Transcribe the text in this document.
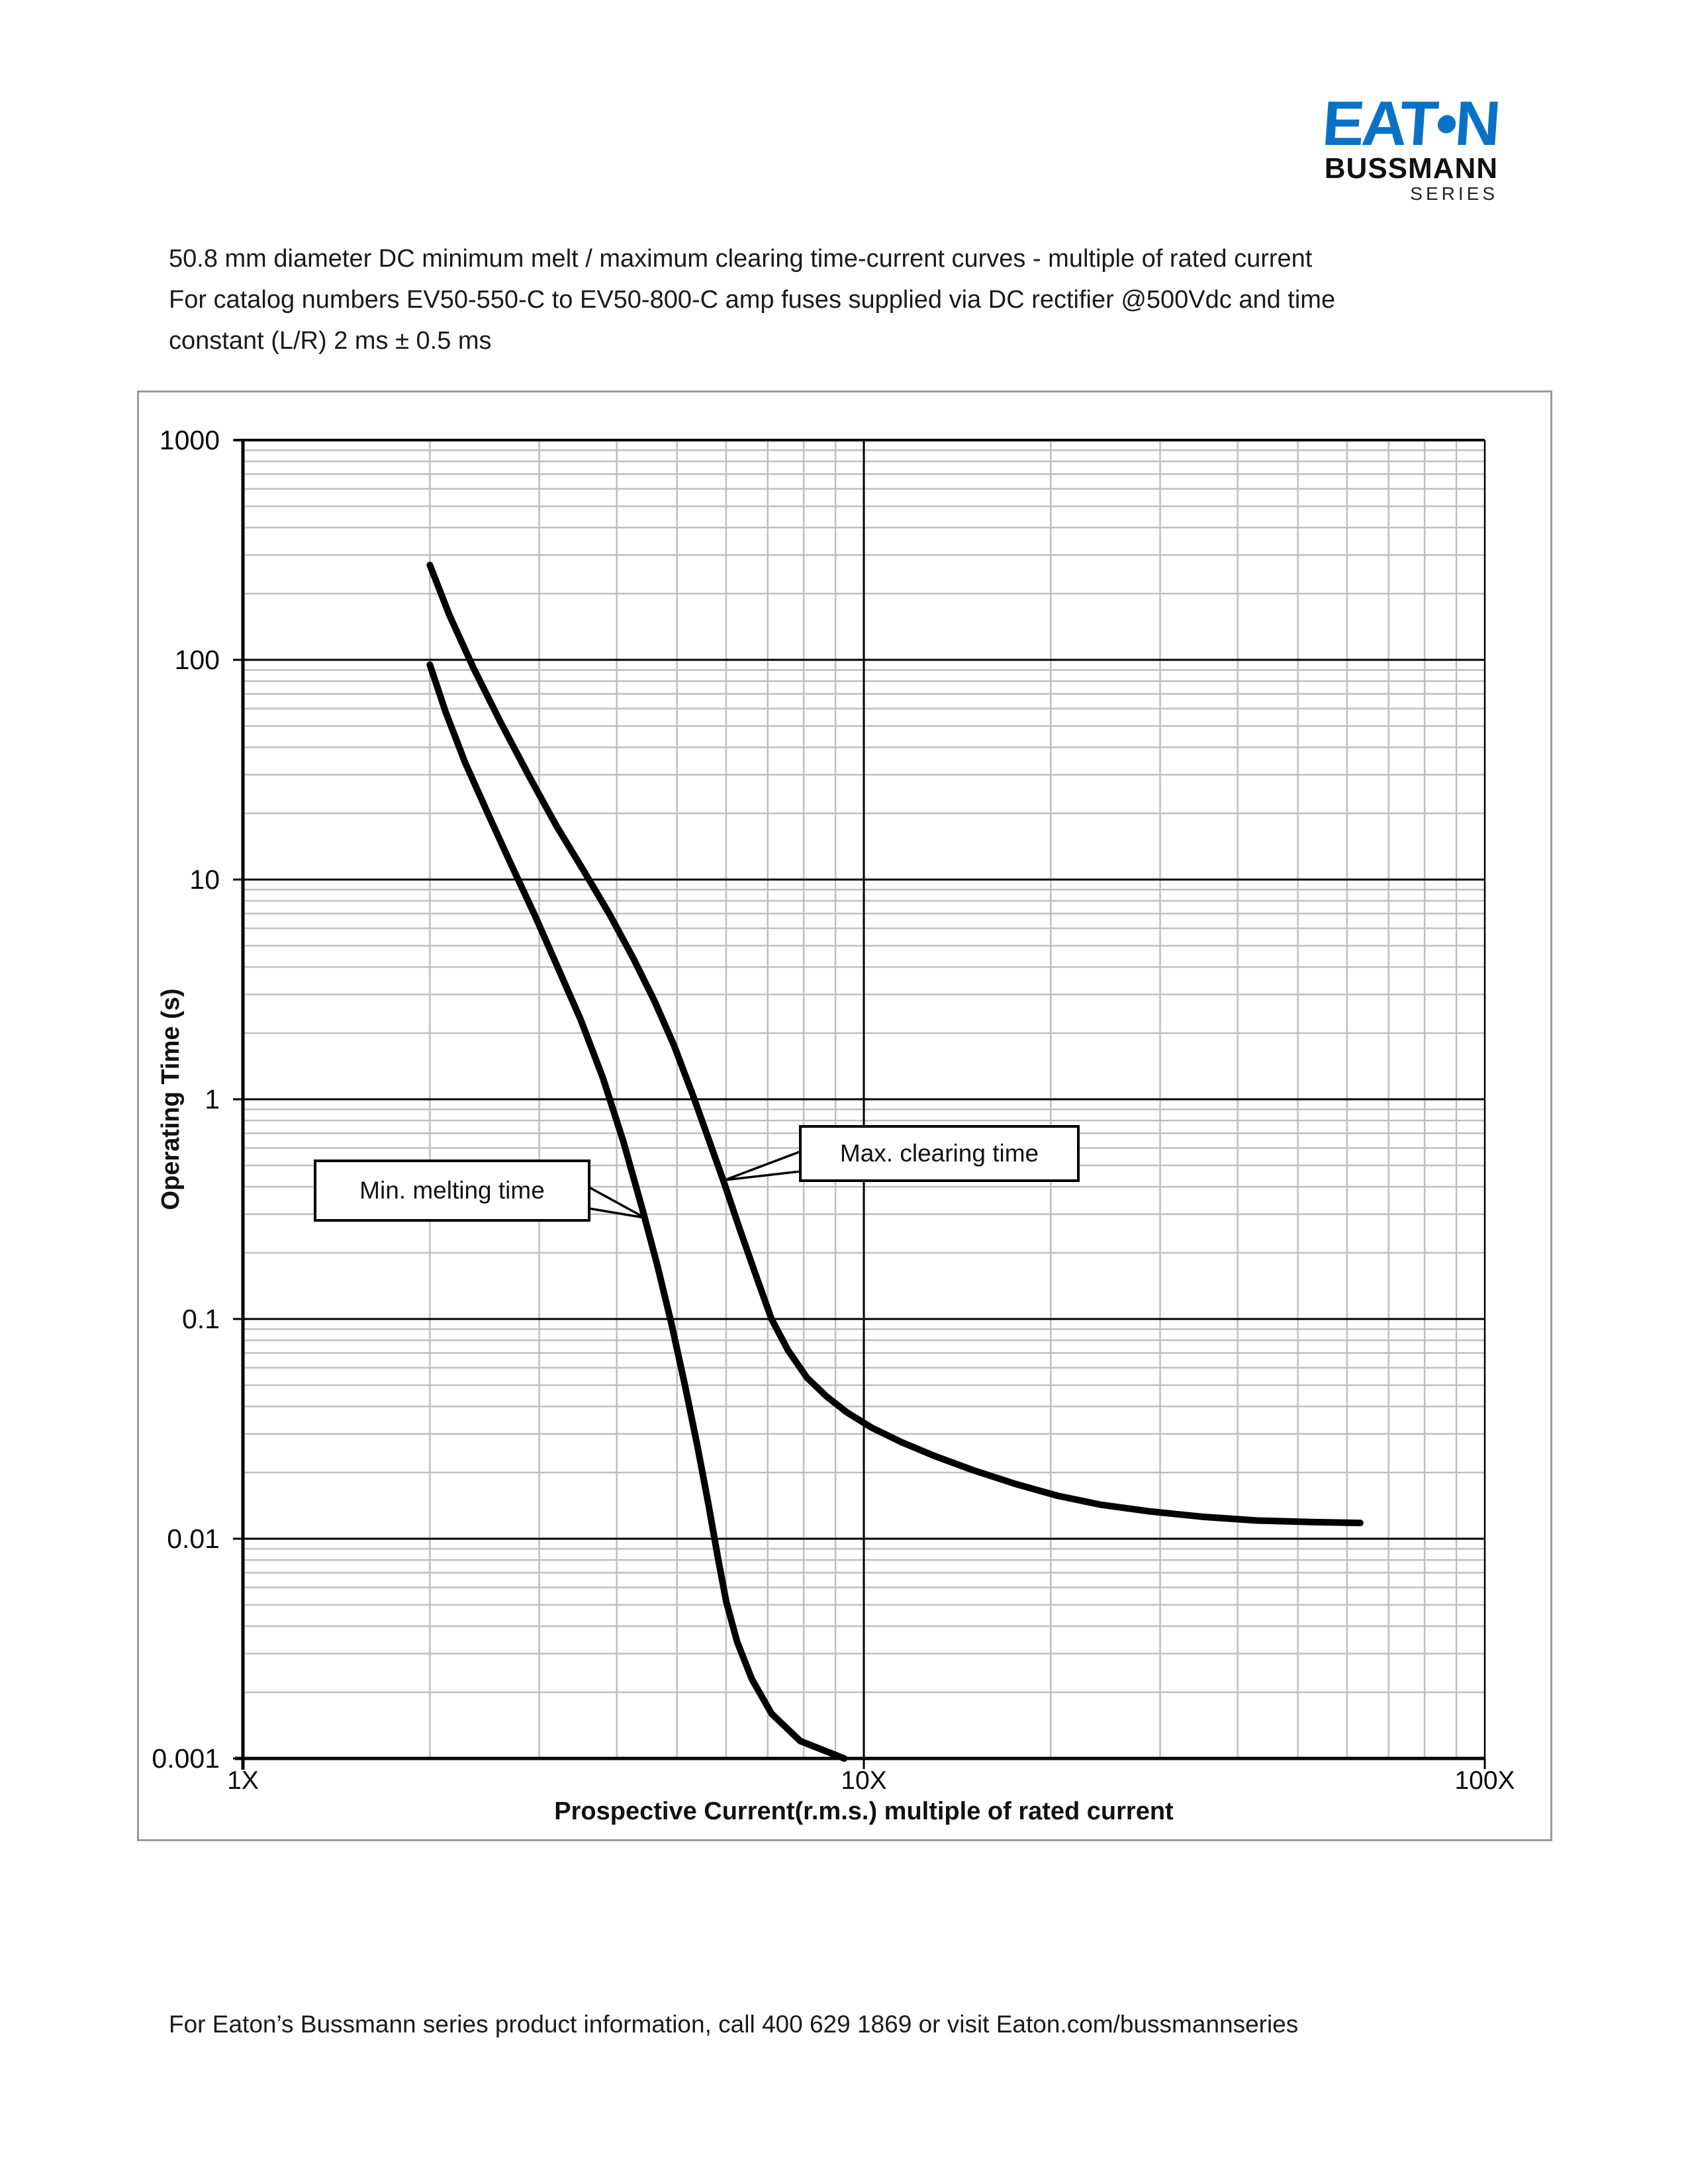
EAT•N
BUSSMANN
SERIES
50.8 mm diameter DC minimum melt / maximum clearing time-current curves - multiple of rated current
For catalog numbers EV50-550-C to EV50-800-C amp fuses supplied via DC rectifier @500Vdc and time
constant (L/R) 2 ms ± 0.5 ms
Operating Time (s)
Prospective Current(r.m.s.) multiple of rated current
1000
100
10
1
0.1
0.01
0.001
1X	10X	100X
Min. melting time
Max. clearing time
For Eaton’s Bussmann series product information, call 400 629 1869 or visit Eaton.com/bussmannseries
